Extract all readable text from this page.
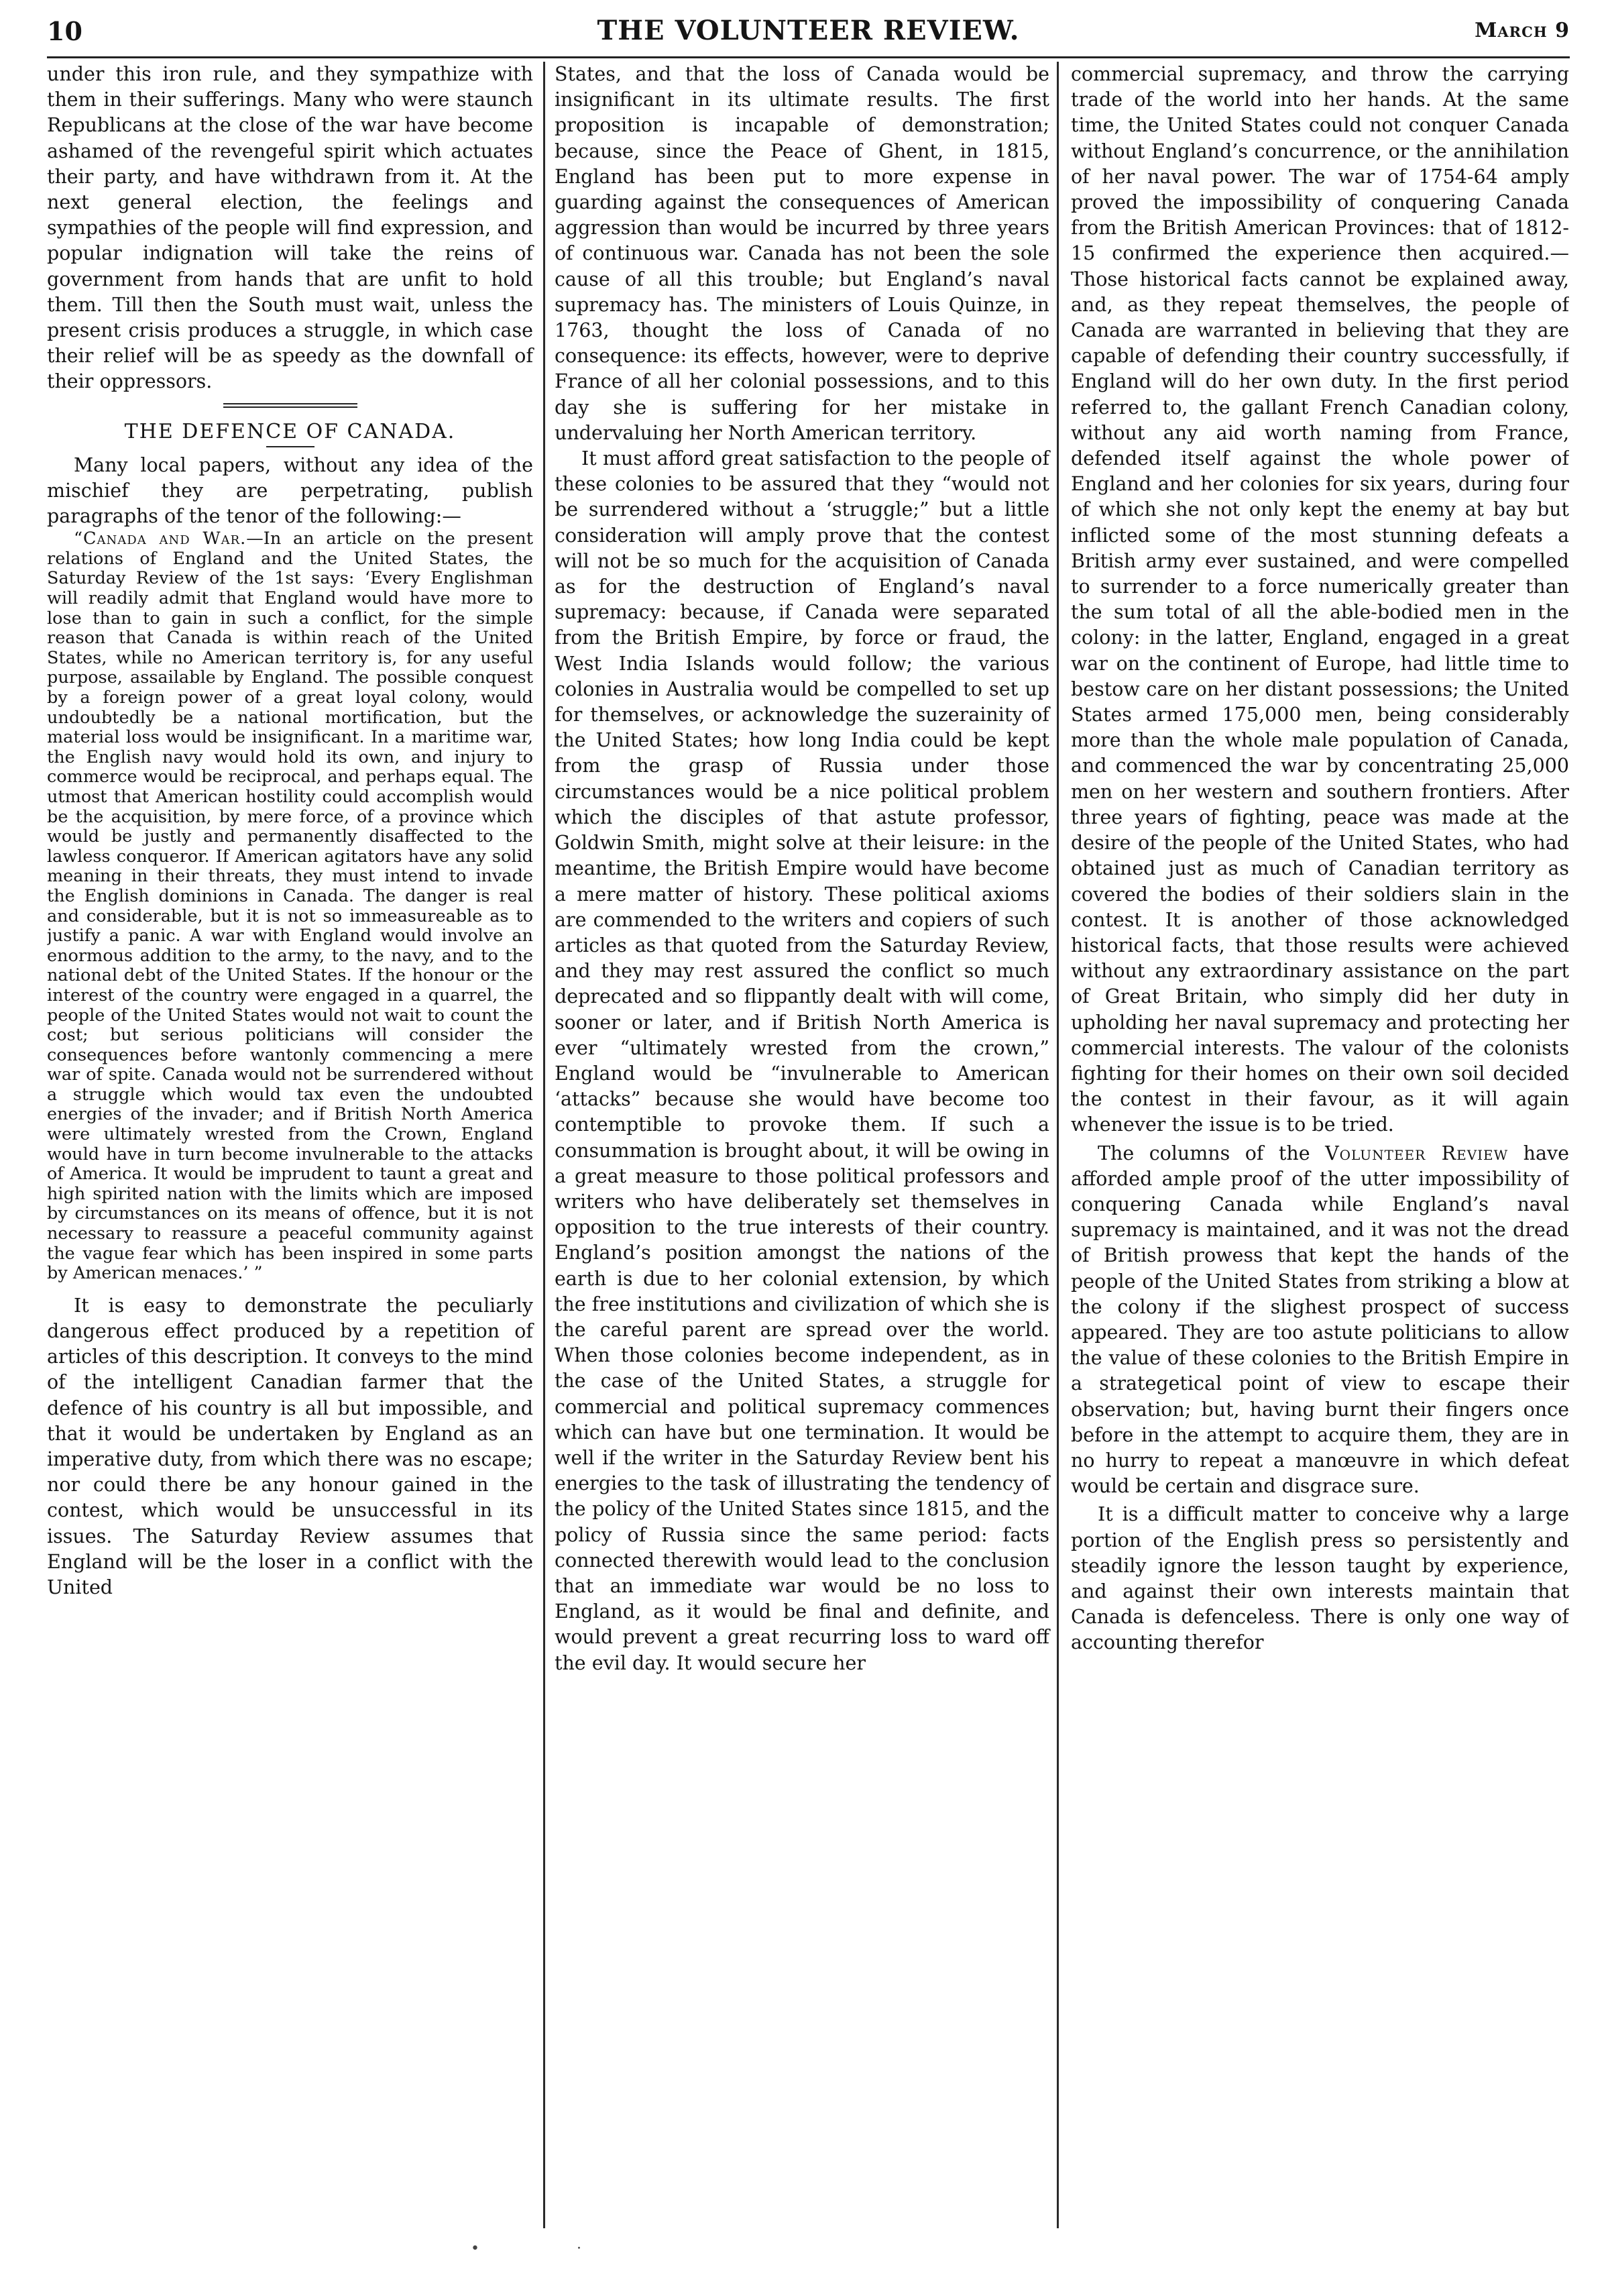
10	THE VOLUNTEER REVIEW.	March 9

under this iron rule, and they sympathize with them in their sufferings. Many who were staunch Republicans at the close of the war have become ashamed of the revengeful spirit which actuates their party, and have withdrawn from it. At the next general election, the feelings and sympathies of the people will find expression, and popular indignation will take the reins of government from hands that are unfit to hold them. Till then the South must wait, unless the present crisis produces a struggle, in which case their relief will be as speedy as the downfall of their oppressors.

THE DEFENCE OF CANADA.

Many local papers, without any idea of the mischief they are perpetrating, publish paragraphs of the tenor of the following:—

“Canada and War.—In an article on the present relations of England and the United States, the Saturday Review of the 1st says: ‘Every Englishman will readily admit that England would have more to lose than to gain in such a conflict, for the simple reason that Canada is within reach of the United States, while no American territory is, for any useful purpose, assailable by England. The possible conquest by a foreign power of a great loyal colony, would undoubtedly be a national mortification, but the material loss would be insignificant. In a maritime war, the English navy would hold its own, and injury to commerce would be reciprocal, and perhaps equal. The utmost that American hostility could accomplish would be the acquisition, by mere force, of a province which would be justly and permanently disaffected to the lawless conqueror. If American agitators have any solid meaning in their threats, they must intend to invade the English dominions in Canada. The danger is real and considerable, but it is not so immeasureable as to justify a panic. A war with England would involve an enormous addition to the army, to the navy, and to the national debt of the United States. If the honour or the interest of the country were engaged in a quarrel, the people of the United States would not wait to count the cost; but serious politicians will consider the consequences before wantonly commencing a mere war of spite. Canada would not be surrendered without a struggle which would tax even the undoubted energies of the invader; and if British North America were ultimately wrested from the Crown, England would have in turn become invulnerable to the attacks of America. It would be imprudent to taunt a great and high spirited nation with the limits which are imposed by circumstances on its means of offence, but it is not necessary to reassure a peaceful community against the vague fear which has been inspired in some parts by American menaces.’ ”

It is easy to demonstrate the peculiarly dangerous effect produced by a repetition of articles of this description. It conveys to the mind of the intelligent Canadian farmer that the defence of his country is all but impossible, and that it would be undertaken by England as an imperative duty, from which there was no escape; nor could there be any honour gained in the contest, which would be unsuccessful in its issues. The Saturday Review assumes that England will be the loser in a conflict with the United

States, and that the loss of Canada would be insignificant in its ultimate results. The first proposition is incapable of demonstration; because, since the Peace of Ghent, in 1815, England has been put to more expense in guarding against the consequences of American aggression than would be incurred by three years of continuous war. Canada has not been the sole cause of all this trouble; but England’s naval supremacy has. The ministers of Louis Quinze, in 1763, thought the loss of Canada of no consequence: its effects, however, were to deprive France of all her colonial possessions, and to this day she is suffering for her mistake in undervaluing her North American territory.

It must afford great satisfaction to the people of these colonies to be assured that they “would not be surrendered without a ‘struggle;” but a little consideration will amply prove that the contest will not be so much for the acquisition of Canada as for the destruction of England’s naval supremacy: because, if Canada were separated from the British Empire, by force or fraud, the West India Islands would follow; the various colonies in Australia would be compelled to set up for themselves, or acknowledge the suzerainity of the United States; how long India could be kept from the grasp of Russia under those circumstances would be a nice political problem which the disciples of that astute professor, Goldwin Smith, might solve at their leisure: in the meantime, the British Empire would have become a mere matter of history. These political axioms are commended to the writers and copiers of such articles as that quoted from the Saturday Review, and they may rest assured the conflict so much deprecated and so flippantly dealt with will come, sooner or later, and if British North America is ever “ultimately wrested from the crown,” England would be “invulnerable to American ‘attacks” because she would have become too contemptible to provoke them. If such a consummation is brought about, it will be owing in a great measure to those political professors and writers who have deliberately set themselves in opposition to the true interests of their country. England’s position amongst the nations of the earth is due to her colonial extension, by which the free institutions and civilization of which she is the careful parent are spread over the world. When those colonies become independent, as in the case of the United States, a struggle for commercial and political supremacy commences which can have but one termination. It would be well if the writer in the Saturday Review bent his energies to the task of illustrating the tendency of the policy of the United States since 1815, and the policy of Russia since the same period: facts connected therewith would lead to the conclusion that an immediate war would be no loss to England, as it would be final and definite, and would prevent a great recurring loss to ward off the evil day. It would secure her

commercial supremacy, and throw the carrying trade of the world into her hands. At the same time, the United States could not conquer Canada without England’s concurrence, or the annihilation of her naval power. The war of 1754-64 amply proved the impossibility of conquering Canada from the British American Provinces: that of 1812-15 confirmed the experience then acquired.—Those historical facts cannot be explained away, and, as they repeat themselves, the people of Canada are warranted in believing that they are capable of defending their country successfully, if England will do her own duty. In the first period referred to, the gallant French Canadian colony, without any aid worth naming from France, defended itself against the whole power of England and her colonies for six years, during four of which she not only kept the enemy at bay but inflicted some of the most stunning defeats a British army ever sustained, and were compelled to surrender to a force numerically greater than the sum total of all the able-bodied men in the colony: in the latter, England, engaged in a great war on the continent of Europe, had little time to bestow care on her distant possessions; the United States armed 175,000 men, being considerably more than the whole male population of Canada, and commenced the war by concentrating 25,000 men on her western and southern frontiers. After three years of fighting, peace was made at the desire of the people of the United States, who had obtained just as much of Canadian territory as covered the bodies of their soldiers slain in the contest. It is another of those acknowledged historical facts, that those results were achieved without any extraordinary assistance on the part of Great Britain, who simply did her duty in upholding her naval supremacy and protecting her commercial interests. The valour of the colonists fighting for their homes on their own soil decided the contest in their favour, as it will again whenever the issue is to be tried.

The columns of the Volunteer Review have afforded ample proof of the utter impossibility of conquering Canada while England’s naval supremacy is maintained, and it was not the dread of British prowess that kept the hands of the people of the United States from striking a blow at the colony if the slighest prospect of success appeared. They are too astute politicians to allow the value of these colonies to the British Empire in a strategetical point of view to escape their observation; but, having burnt their fingers once before in the attempt to acquire them, they are in no hurry to repeat a manœuvre in which defeat would be certain and disgrace sure.

It is a difficult matter to conceive why a large portion of the English press so persistently and steadily ignore the lesson taught by experience, and against their own interests maintain that Canada is defenceless. There is only one way of accounting therefor

•	·
